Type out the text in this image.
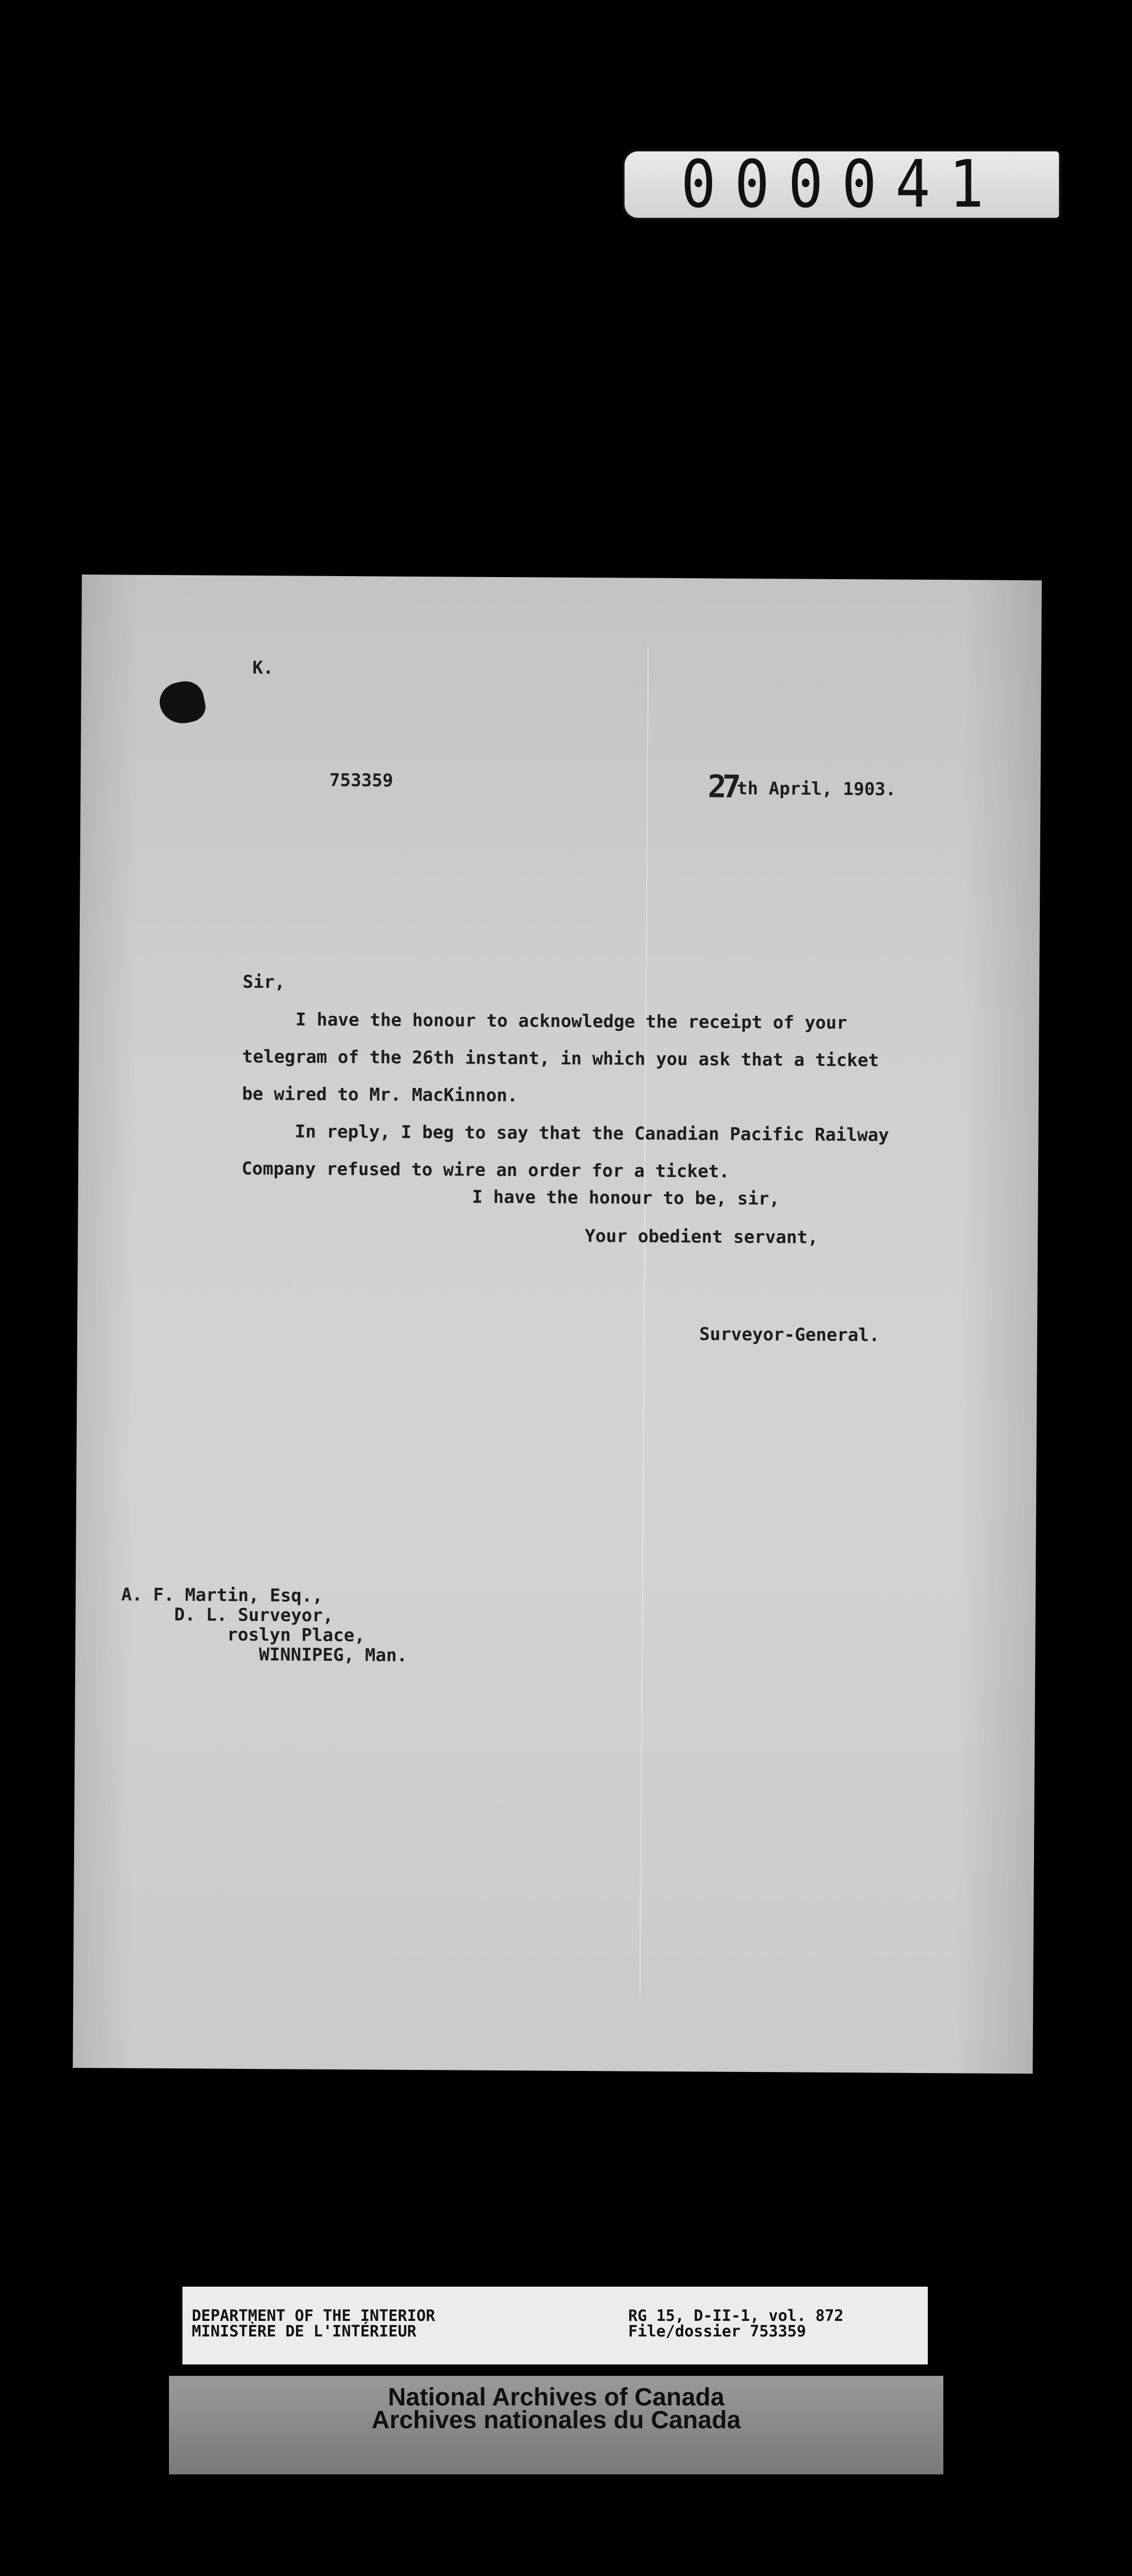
000041
K.
753359	27th April, 1903.
Sir,
I have the honour to acknowledge the receipt of your
telegram of the 26th instant, in which you ask that a ticket
be wired to Mr. MacKinnon.
In reply, I beg to say that the Canadian Pacific Railway
Company refused to wire an order for a ticket.
I have the honour to be, sir,
Your obedient servant,
Surveyor-General.
A. F. Martin, Esq.,
D. L. Surveyor,
roslyn Place,
WINNIPEG, Man.
DEPARTMENT OF THE INTERIOR
MINISTÈRE DE L'INTÉRIEUR
RG 15, D-II-1, vol. 872
File/dossier 753359
National Archives of Canada
Archives nationales du Canada
